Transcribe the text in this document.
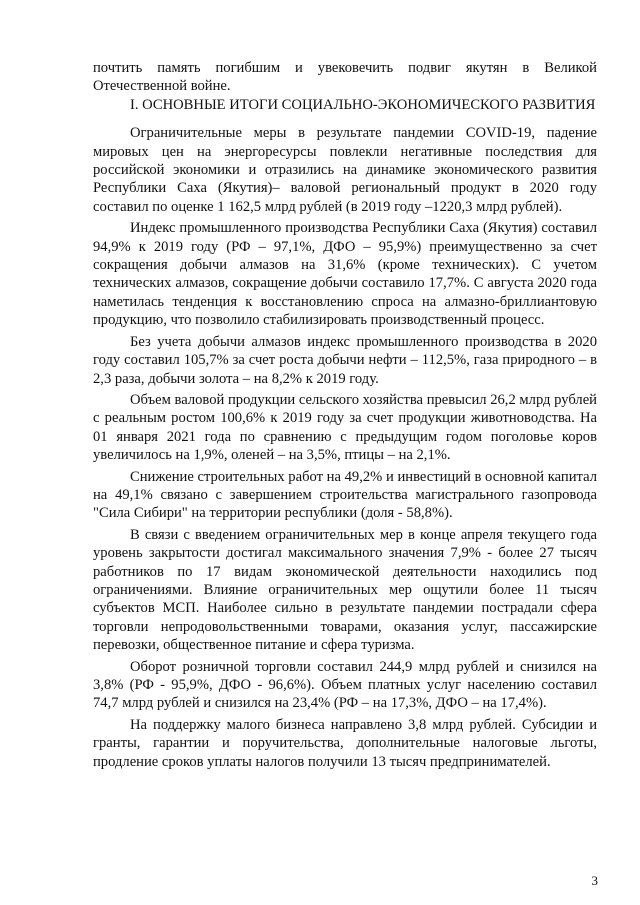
почтить память погибшим и увековечить подвиг якутян в Великой Отечественной войне.

I. ОСНОВНЫЕ ИТОГИ СОЦИАЛЬНО-ЭКОНОМИЧЕСКОГО РАЗВИТИЯ

Ограничительные меры в результате пандемии COVID-19, падение мировых цен на энергоресурсы повлекли негативные последствия для российской экономики и отразились на динамике экономического развития Республики Саха (Якутия)– валовой региональный продукт в 2020 году составил по оценке 1 162,5 млрд рублей (в 2019 году –1220,3 млрд рублей).

Индекс промышленного производства Республики Саха (Якутия) составил 94,9% к 2019 году (РФ – 97,1%, ДФО – 95,9%) преимущественно за счет сокращения добычи алмазов на 31,6% (кроме технических). С учетом технических алмазов, сокращение добычи составило 17,7%. С августа 2020 года наметилась тенденция к восстановлению спроса на алмазно-бриллиантовую продукцию, что позволило стабилизировать производственный процесс.

Без учета добычи алмазов индекс промышленного производства в 2020 году составил 105,7% за счет роста добычи нефти – 112,5%, газа природного – в 2,3 раза, добычи золота – на 8,2% к 2019 году.

Объем валовой продукции сельского хозяйства превысил 26,2 млрд рублей с реальным ростом 100,6% к 2019 году за счет продукции животноводства. На 01 января 2021 года по сравнению с предыдущим годом поголовье коров увеличилось на 1,9%, оленей – на 3,5%, птицы – на 2,1%.

Снижение строительных работ на 49,2% и инвестиций в основной капитал на 49,1% связано с завершением строительства магистрального газопровода "Сила Сибири" на территории республики (доля - 58,8%).

В связи с введением ограничительных мер в конце апреля текущего года уровень закрытости достигал максимального значения 7,9% - более 27 тысяч работников по 17 видам экономической деятельности находились под ограничениями. Влияние ограничительных мер ощутили более 11 тысяч субъектов МСП. Наиболее сильно в результате пандемии пострадали сфера торговли непродовольственными товарами, оказания услуг, пассажирские перевозки, общественное питание и сфера туризма.

Оборот розничной торговли составил 244,9 млрд рублей и снизился на 3,8% (РФ - 95,9%, ДФО - 96,6%). Объем платных услуг населению составил 74,7 млрд рублей и снизился на 23,4% (РФ – на 17,3%, ДФО – на 17,4%).

На поддержку малого бизнеса направлено 3,8 млрд рублей. Субсидии и гранты, гарантии и поручительства, дополнительные налоговые льготы, продление сроков уплаты налогов получили 13 тысяч предпринимателей.

3
